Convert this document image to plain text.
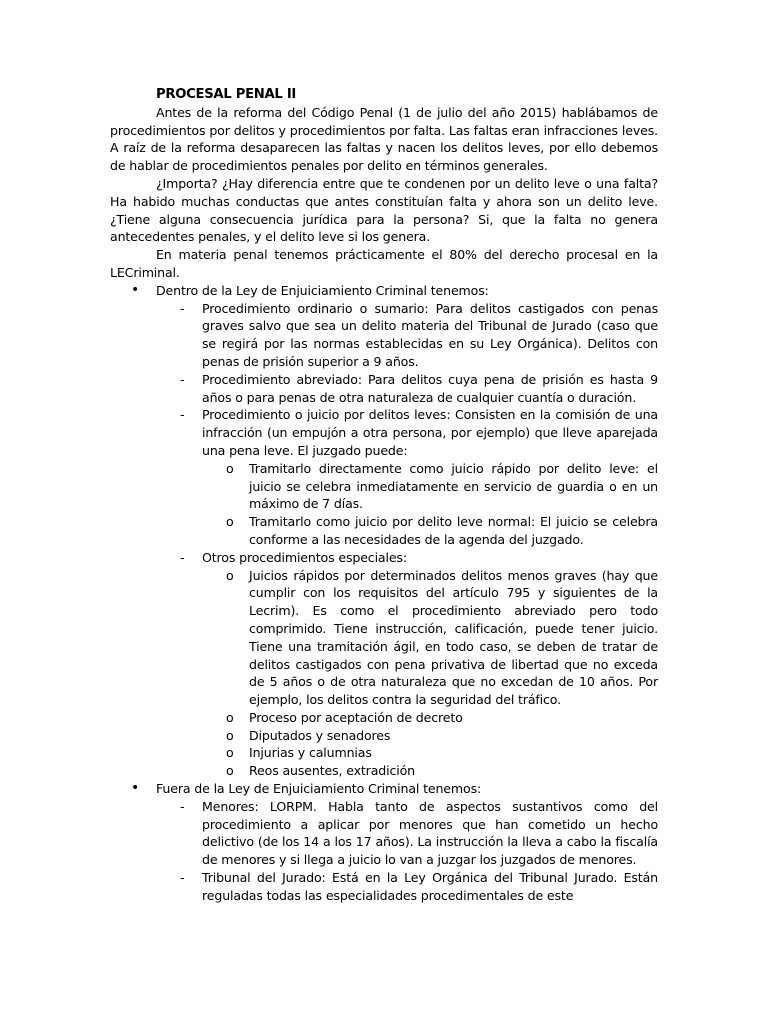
PROCESAL PENAL II

Antes de la reforma del Código Penal (1 de julio del año 2015) hablábamos de procedimientos por delitos y procedimientos por falta. Las faltas eran infracciones leves. A raíz de la reforma desaparecen las faltas y nacen los delitos leves, por ello debemos de hablar de procedimientos penales por delito en términos generales.

¿Importa? ¿Hay diferencia entre que te condenen por un delito leve o una falta? Ha habido muchas conductas que antes constituían falta y ahora son un delito leve. ¿Tiene alguna consecuencia jurídica para la persona? Si, que la falta no genera antecedentes penales, y el delito leve si los genera.

En materia penal tenemos prácticamente el 80% del derecho procesal en la LECriminal.

• Dentro de la Ley de Enjuiciamiento Criminal tenemos:
- Procedimiento ordinario o sumario: Para delitos castigados con penas graves salvo que sea un delito materia del Tribunal de Jurado (caso que se regirá por las normas establecidas en su Ley Orgánica). Delitos con penas de prisión superior a 9 años.
- Procedimiento abreviado: Para delitos cuya pena de prisión es hasta 9 años o para penas de otra naturaleza de cualquier cuantía o duración.
- Procedimiento o juicio por delitos leves: Consisten en la comisión de una infracción (un empujón a otra persona, por ejemplo) que lleve aparejada una pena leve. El juzgado puede:
o Tramitarlo directamente como juicio rápido por delito leve: el juicio se celebra inmediatamente en servicio de guardia o en un máximo de 7 días.
o Tramitarlo como juicio por delito leve normal: El juicio se celebra conforme a las necesidades de la agenda del juzgado.
- Otros procedimientos especiales:
o Juicios rápidos por determinados delitos menos graves (hay que cumplir con los requisitos del artículo 795 y siguientes de la Lecrim). Es como el procedimiento abreviado pero todo comprimido. Tiene instrucción, calificación, puede tener juicio. Tiene una tramitación ágil, en todo caso, se deben de tratar de delitos castigados con pena privativa de libertad que no exceda de 5 años o de otra naturaleza que no excedan de 10 años. Por ejemplo, los delitos contra la seguridad del tráfico.
o Proceso por aceptación de decreto
o Diputados y senadores
o Injurias y calumnias
o Reos ausentes, extradición
• Fuera de la Ley de Enjuiciamiento Criminal tenemos:
- Menores: LORPM. Habla tanto de aspectos sustantivos como del procedimiento a aplicar por menores que han cometido un hecho delictivo (de los 14 a los 17 años). La instrucción la lleva a cabo la fiscalía de menores y si llega a juicio lo van a juzgar los juzgados de menores.
- Tribunal del Jurado: Está en la Ley Orgánica del Tribunal Jurado. Están reguladas todas las especialidades procedimentales de este
